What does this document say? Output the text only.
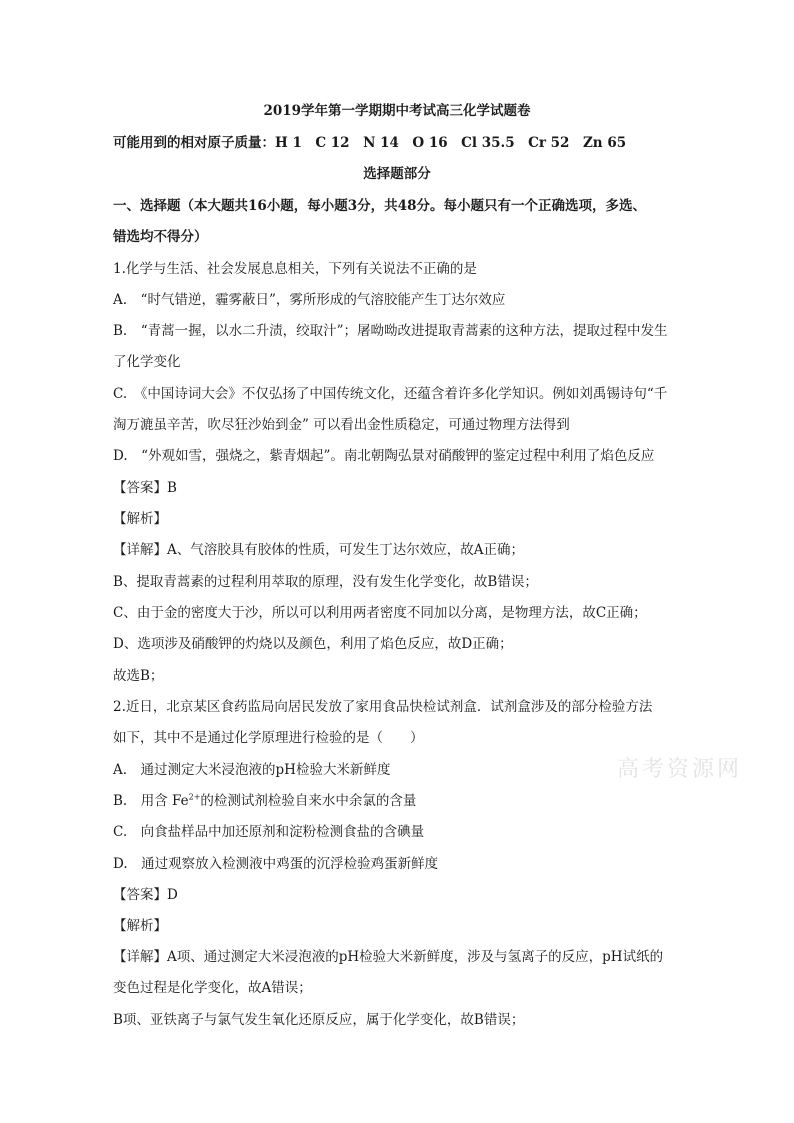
2019学年第一学期期中考试高三化学试题卷
可能用到的相对原子质量：H 1　C 12　N 14　O 16　Cl 35.5　Cr 52　Zn 65
选择题部分
一、选择题（本大题共16小题，每小题3分，共48分。每小题只有一个正确选项，多选、
错选均不得分）
1.化学与生活、社会发展息息相关，下列有关说法不正确的是
A.　“时气错逆，霾雾蔽日”，雾所形成的气溶胶能产生丁达尔效应
B.　“青蒿一握，以水二升渍，绞取汁”；屠呦呦改进提取青蒿素的这种方法，提取过程中发生
了化学变化
C.　《中国诗词大会》不仅弘扬了中国传统文化，还蕴含着许多化学知识。例如刘禹锡诗句“千
淘万漉虽辛苦，吹尽狂沙始到金” 可以看出金性质稳定，可通过物理方法得到
D.　“外观如雪，强烧之，紫青烟起”。南北朝陶弘景对硝酸钾的鉴定过程中利用了焰色反应
【答案】B
【解析】
【详解】A、气溶胶具有胶体的性质，可发生丁达尔效应，故A正确；
B、提取青蒿素的过程利用萃取的原理，没有发生化学变化，故B错误；
C、由于金的密度大于沙，所以可以利用两者密度不同加以分离，是物理方法，故C正确；
D、选项涉及硝酸钾的灼烧以及颜色，利用了焰色反应，故D正确；
故选B；
2.近日，北京某区食药监局向居民发放了家用食品快检试剂盒．试剂盒涉及的部分检验方法
如下，其中不是通过化学原理进行检验的是（　　）
A.　通过测定大米浸泡液的pH检验大米新鲜度
B.　用含 $Fe^{2+}$的检测试剂检验自来水中余氯的含量
C.　向食盐样品中加还原剂和淀粉检测食盐的含碘量
D.　通过观察放入检测液中鸡蛋的沉浮检验鸡蛋新鲜度
【答案】D
【解析】
【详解】A项、通过测定大米浸泡液的pH检验大米新鲜度，涉及与氢离子的反应，pH试纸的
变色过程是化学变化，故A错误；
B项、亚铁离子与氯气发生氧化还原反应，属于化学变化，故B错误；
高考资源网
